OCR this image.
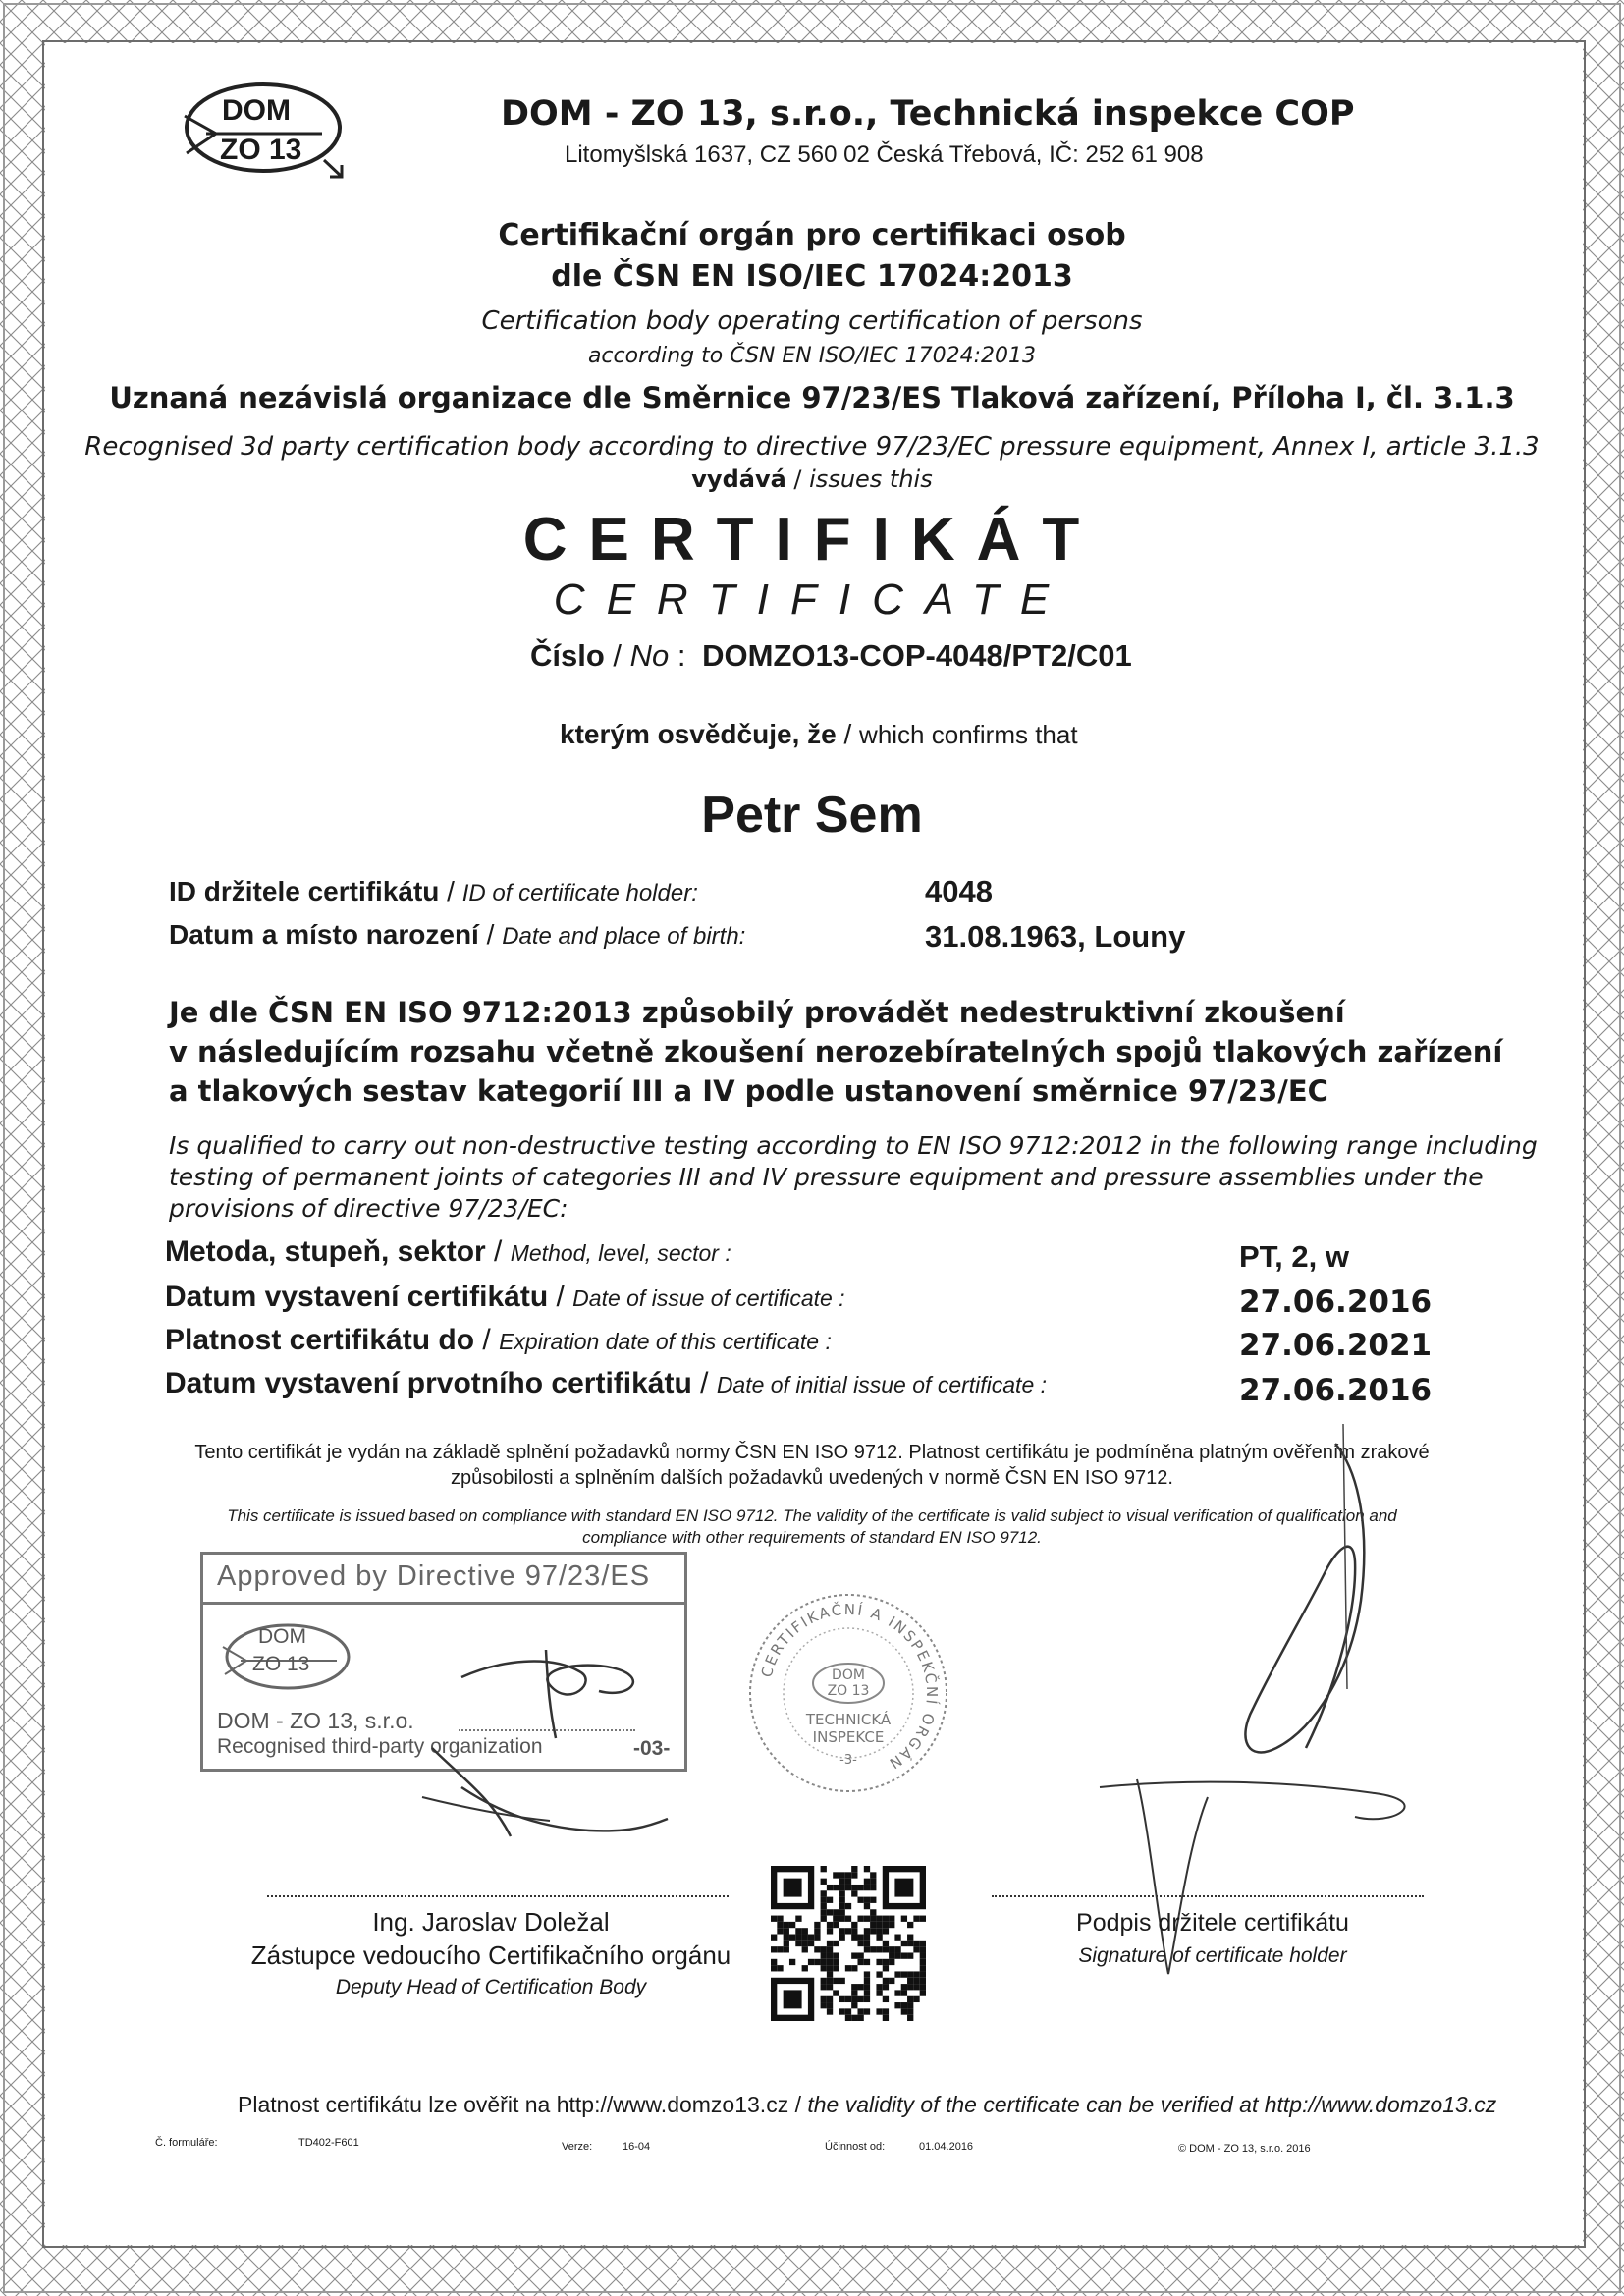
DOM
ZO 13
DOM - ZO 13, s.r.o., Technická inspekce COP
Litomyšlská 1637, CZ 560 02 Česká Třebová, IČ: 252 61 908
Certifikační orgán pro certifikaci osob
dle ČSN EN ISO/IEC 17024:2013
Certification body operating certification of persons
according to ČSN EN ISO/IEC 17024:2013
Uznaná nezávislá organizace dle Směrnice 97/23/ES Tlaková zařízení, Příloha I, čl. 3.1.3
Recognised 3d party certification body according to directive 97/23/EC pressure equipment, Annex I, article 3.1.3
vydává / issues this
CERTIFIKÁT
CERTIFICATE
Číslo / No : DOMZO13-COP-4048/PT2/C01
kterým osvědčuje, že / which confirms that
Petr Sem
ID držitele certifikátu / ID of certificate holder:	4048
Datum a místo narození / Date and place of birth:	31.08.1963, Louny
Je dle ČSN EN ISO 9712:2013 způsobilý provádět nedestruktivní zkoušení
v následujícím rozsahu včetně zkoušení nerozebíratelných spojů tlakových zařízení
a tlakových sestav kategorií III a IV podle ustanovení směrnice 97/23/EC
Is qualified to carry out non-destructive testing according to EN ISO 9712:2012 in the following range including
testing of permanent joints of categories III and IV pressure equipment and pressure assemblies under the
provisions of directive 97/23/EC:
Metoda, stupeň, sektor / Method, level, sector :	PT, 2, w
Datum vystavení certifikátu / Date of issue of certificate :	27.06.2016
Platnost certifikátu do / Expiration date of this certificate :	27.06.2021
Datum vystavení prvotního certifikátu / Date of initial issue of certificate :	27.06.2016
Tento certifikát je vydán na základě splnění požadavků normy ČSN EN ISO 9712. Platnost certifikátu je podmíněna platným ověřením zrakové
způsobilosti a splněním dalších požadavků uvedených v normě ČSN EN ISO 9712.
This certificate is issued based on compliance with standard EN ISO 9712. The validity of the certificate is valid subject to visual verification of qualification and
compliance with other requirements of standard EN ISO 9712.
Approved by Directive 97/23/ES
DOM
ZO 13
DOM - ZO 13, s.r.o.
Recognised third-party organization	-03-
CERTIFIKAČNÍ A INSPEKČNÍ ORGÁN
DOM
ZO 13
TECHNICKÁ
INSPEKCE
-3-
Ing. Jaroslav Doležal
Zástupce vedoucího Certifikačního orgánu
Deputy Head of Certification Body
Podpis držitele certifikátu
Signature of certificate holder
Platnost certifikátu lze ověřit na http://www.domzo13.cz / the validity of the certificate can be verified at http://www.domzo13.cz
Č. formuláře:	TD402-F601	Verze:	16-04	Účinnost od:	01.04.2016	© DOM - ZO 13, s.r.o. 2016
